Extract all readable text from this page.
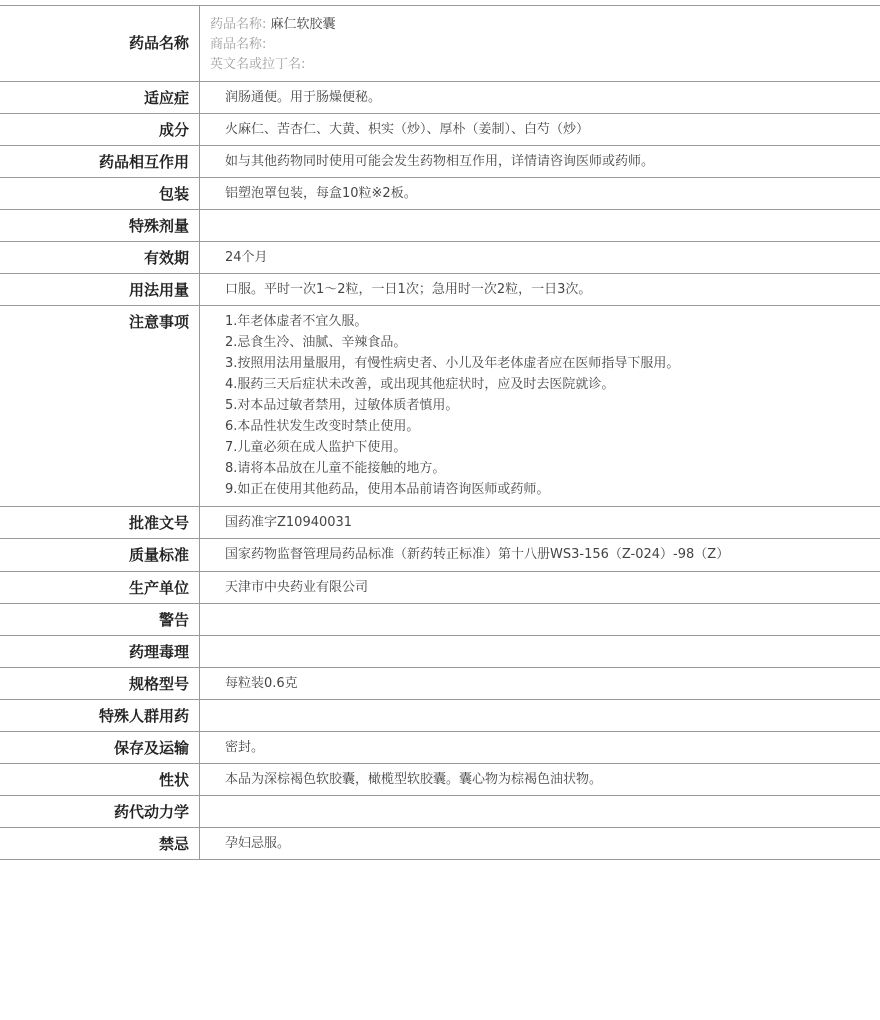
药品名称
药品名称: 麻仁软胶囊
商品名称:
英文名或拉丁名:
适应症	润肠通便。用于肠燥便秘。
成分	火麻仁、苦杏仁、大黄、枳实（炒）、厚朴（姜制）、白芍（炒）
药品相互作用	如与其他药物同时使用可能会发生药物相互作用，详情请咨询医师或药师。
包装	铝塑泡罩包装，每盒10粒※2板。
特殊剂量
有效期	24个月
用法用量	口服。平时一次1～2粒，一日1次；急用时一次2粒，一日3次。
注意事项	1.年老体虚者不宜久服。
2.忌食生冷、油腻、辛辣食品。
3.按照用法用量服用，有慢性病史者、小儿及年老体虚者应在医师指导下服用。
4.服药三天后症状未改善，或出现其他症状时，应及时去医院就诊。
5.对本品过敏者禁用，过敏体质者慎用。
6.本品性状发生改变时禁止使用。
7.儿童必须在成人监护下使用。
8.请将本品放在儿童不能接触的地方。
9.如正在使用其他药品，使用本品前请咨询医师或药师。
批准文号	国药准字Z10940031
质量标准	国家药物监督管理局药品标准（新药转正标准）第十八册WS3-156（Z-024）-98（Z）
生产单位	天津市中央药业有限公司
警告
药理毒理
规格型号	每粒装0.6克
特殊人群用药
保存及运输	密封。
性状	本品为深棕褐色软胶囊，橄榄型软胶囊。囊心物为棕褐色油状物。
药代动力学
禁忌	孕妇忌服。
